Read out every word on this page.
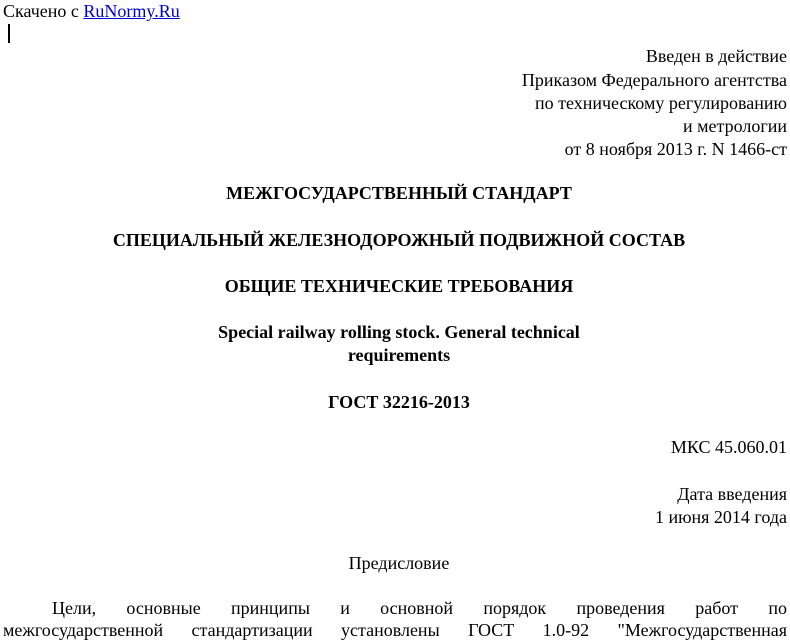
Скачено с RuNormy.Ru
Введен в действие
Приказом Федерального агентства
по техническому регулированию
и метрологии
от 8 ноября 2013 г. N 1466-ст
МЕЖГОСУДАРСТВЕННЫЙ СТАНДАРТ
СПЕЦИАЛЬНЫЙ ЖЕЛЕЗНОДОРОЖНЫЙ ПОДВИЖНОЙ СОСТАВ
ОБЩИЕ ТЕХНИЧЕСКИЕ ТРЕБОВАНИЯ
Special railway rolling stock. General technical
requirements
ГОСТ 32216-2013
МКС 45.060.01
Дата введения
1 июня 2014 года
Предисловие
Цели, основные принципы и основной порядок проведения работ по
межгосударственной стандартизации установлены ГОСТ 1.0-92 "Межгосударственная
